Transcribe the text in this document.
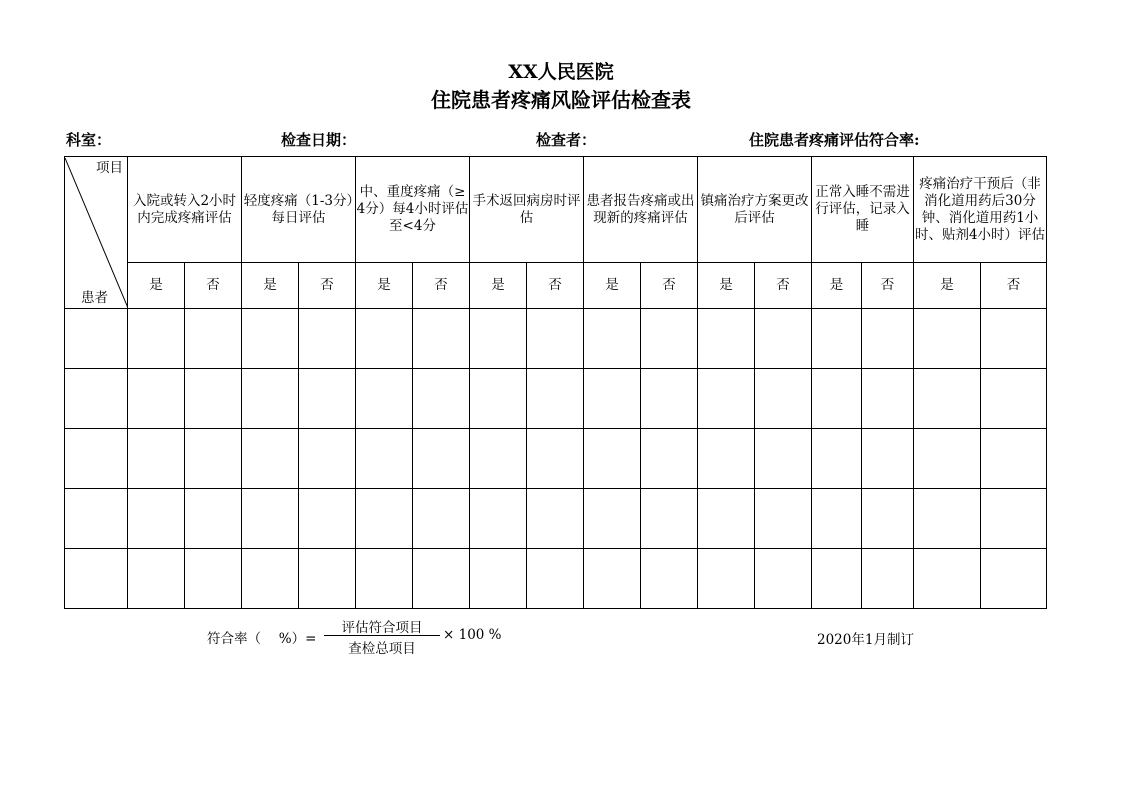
XX人民医院
住院患者疼痛风险评估检查表
科室：	检查日期：	检查者：	住院患者疼痛评估符合率:
项目
患者	入院或转入2小时内完成疼痛评估		轻度疼痛（1-3分）每日评估		中、重度疼痛（≥4分）每4小时评估至<4分		手术返回病房时评估		患者报告疼痛或出现新的疼痛评估		镇痛治疗方案更改后评估		正常入睡不需进行评估，记录入睡		疼痛治疗干预后（非消化道用药后30分钟、消化道用药1小时、贴剂4小时）评估	
	是	否	是	否	是	否	是	否	是	否	是	否	是	否	是	否

符合率（　 %）=
评估符合项目
查检总项目
× 100 %	2020年1月制订
